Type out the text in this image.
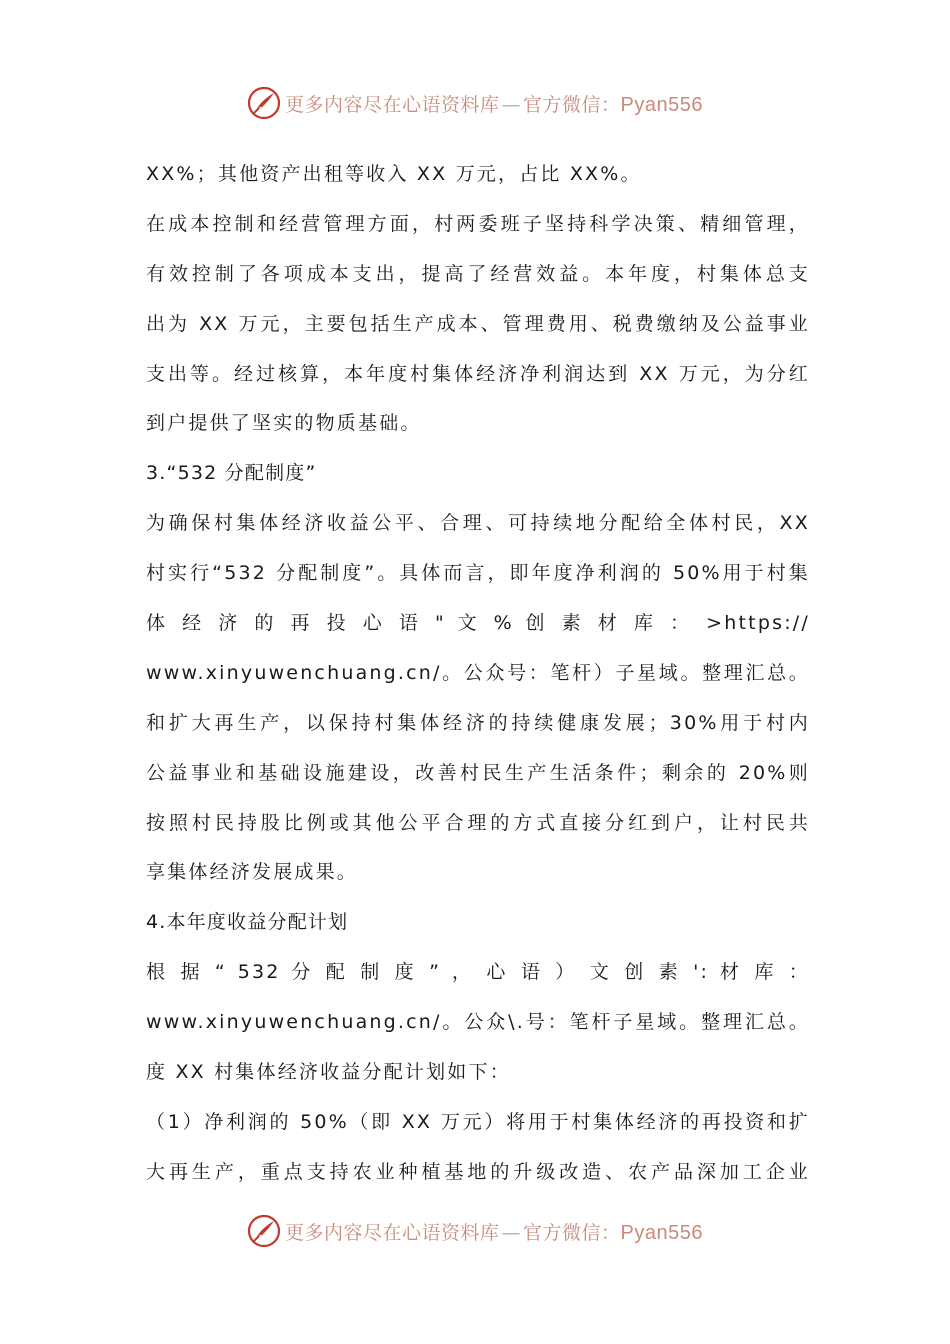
更多内容尽在心语资料库 — 官方微信：Pyan556
XX%；其他资产出租等收入 XX 万元，占比 XX%。
在成本控制和经营管理方面，村两委班子坚持科学决策、精细管理，
有效控制了各项成本支出，提高了经营效益。本年度，村集体总支
出为 XX 万元，主要包括生产成本、管理费用、税费缴纳及公益事业
支出等。经过核算，本年度村集体经济净利润达到 XX 万元，为分红
到户提供了坚实的物质基础。
3.“532 分配制度”
为确保村集体经济收益公平、合理、可持续地分配给全体村民，XX
村实行“532 分配制度”。具体而言，即年度净利润的 50%用于村集
体 经 济 的 再 投 心 语 " 文 % 创 素 材 库 ： >https://
www.xinyuwenchuang.cn/。公众号：笔杆）子星域。整理汇总。
和扩大再生产，以保持村集体经济的持续健康发展；30%用于村内
公益事业和基础设施建设，改善村民生产生活条件；剩余的 20%则
按照村民持股比例或其他公平合理的方式直接分红到户，让村民共
享集体经济发展成果。
4.本年度收益分配计划
根 据 “ 532 分 配 制 度 ” ， 心 语 ） 文 创 素 ': 材 库 ：
www.xinyuwenchuang.cn/。公众\.号：笔杆子星域。整理汇总。
度 XX 村集体经济收益分配计划如下：
（1）净利润的 50%（即 XX 万元）将用于村集体经济的再投资和扩
大再生产，重点支持农业种植基地的升级改造、农产品深加工企业
更多内容尽在心语资料库 — 官方微信：Pyan556
